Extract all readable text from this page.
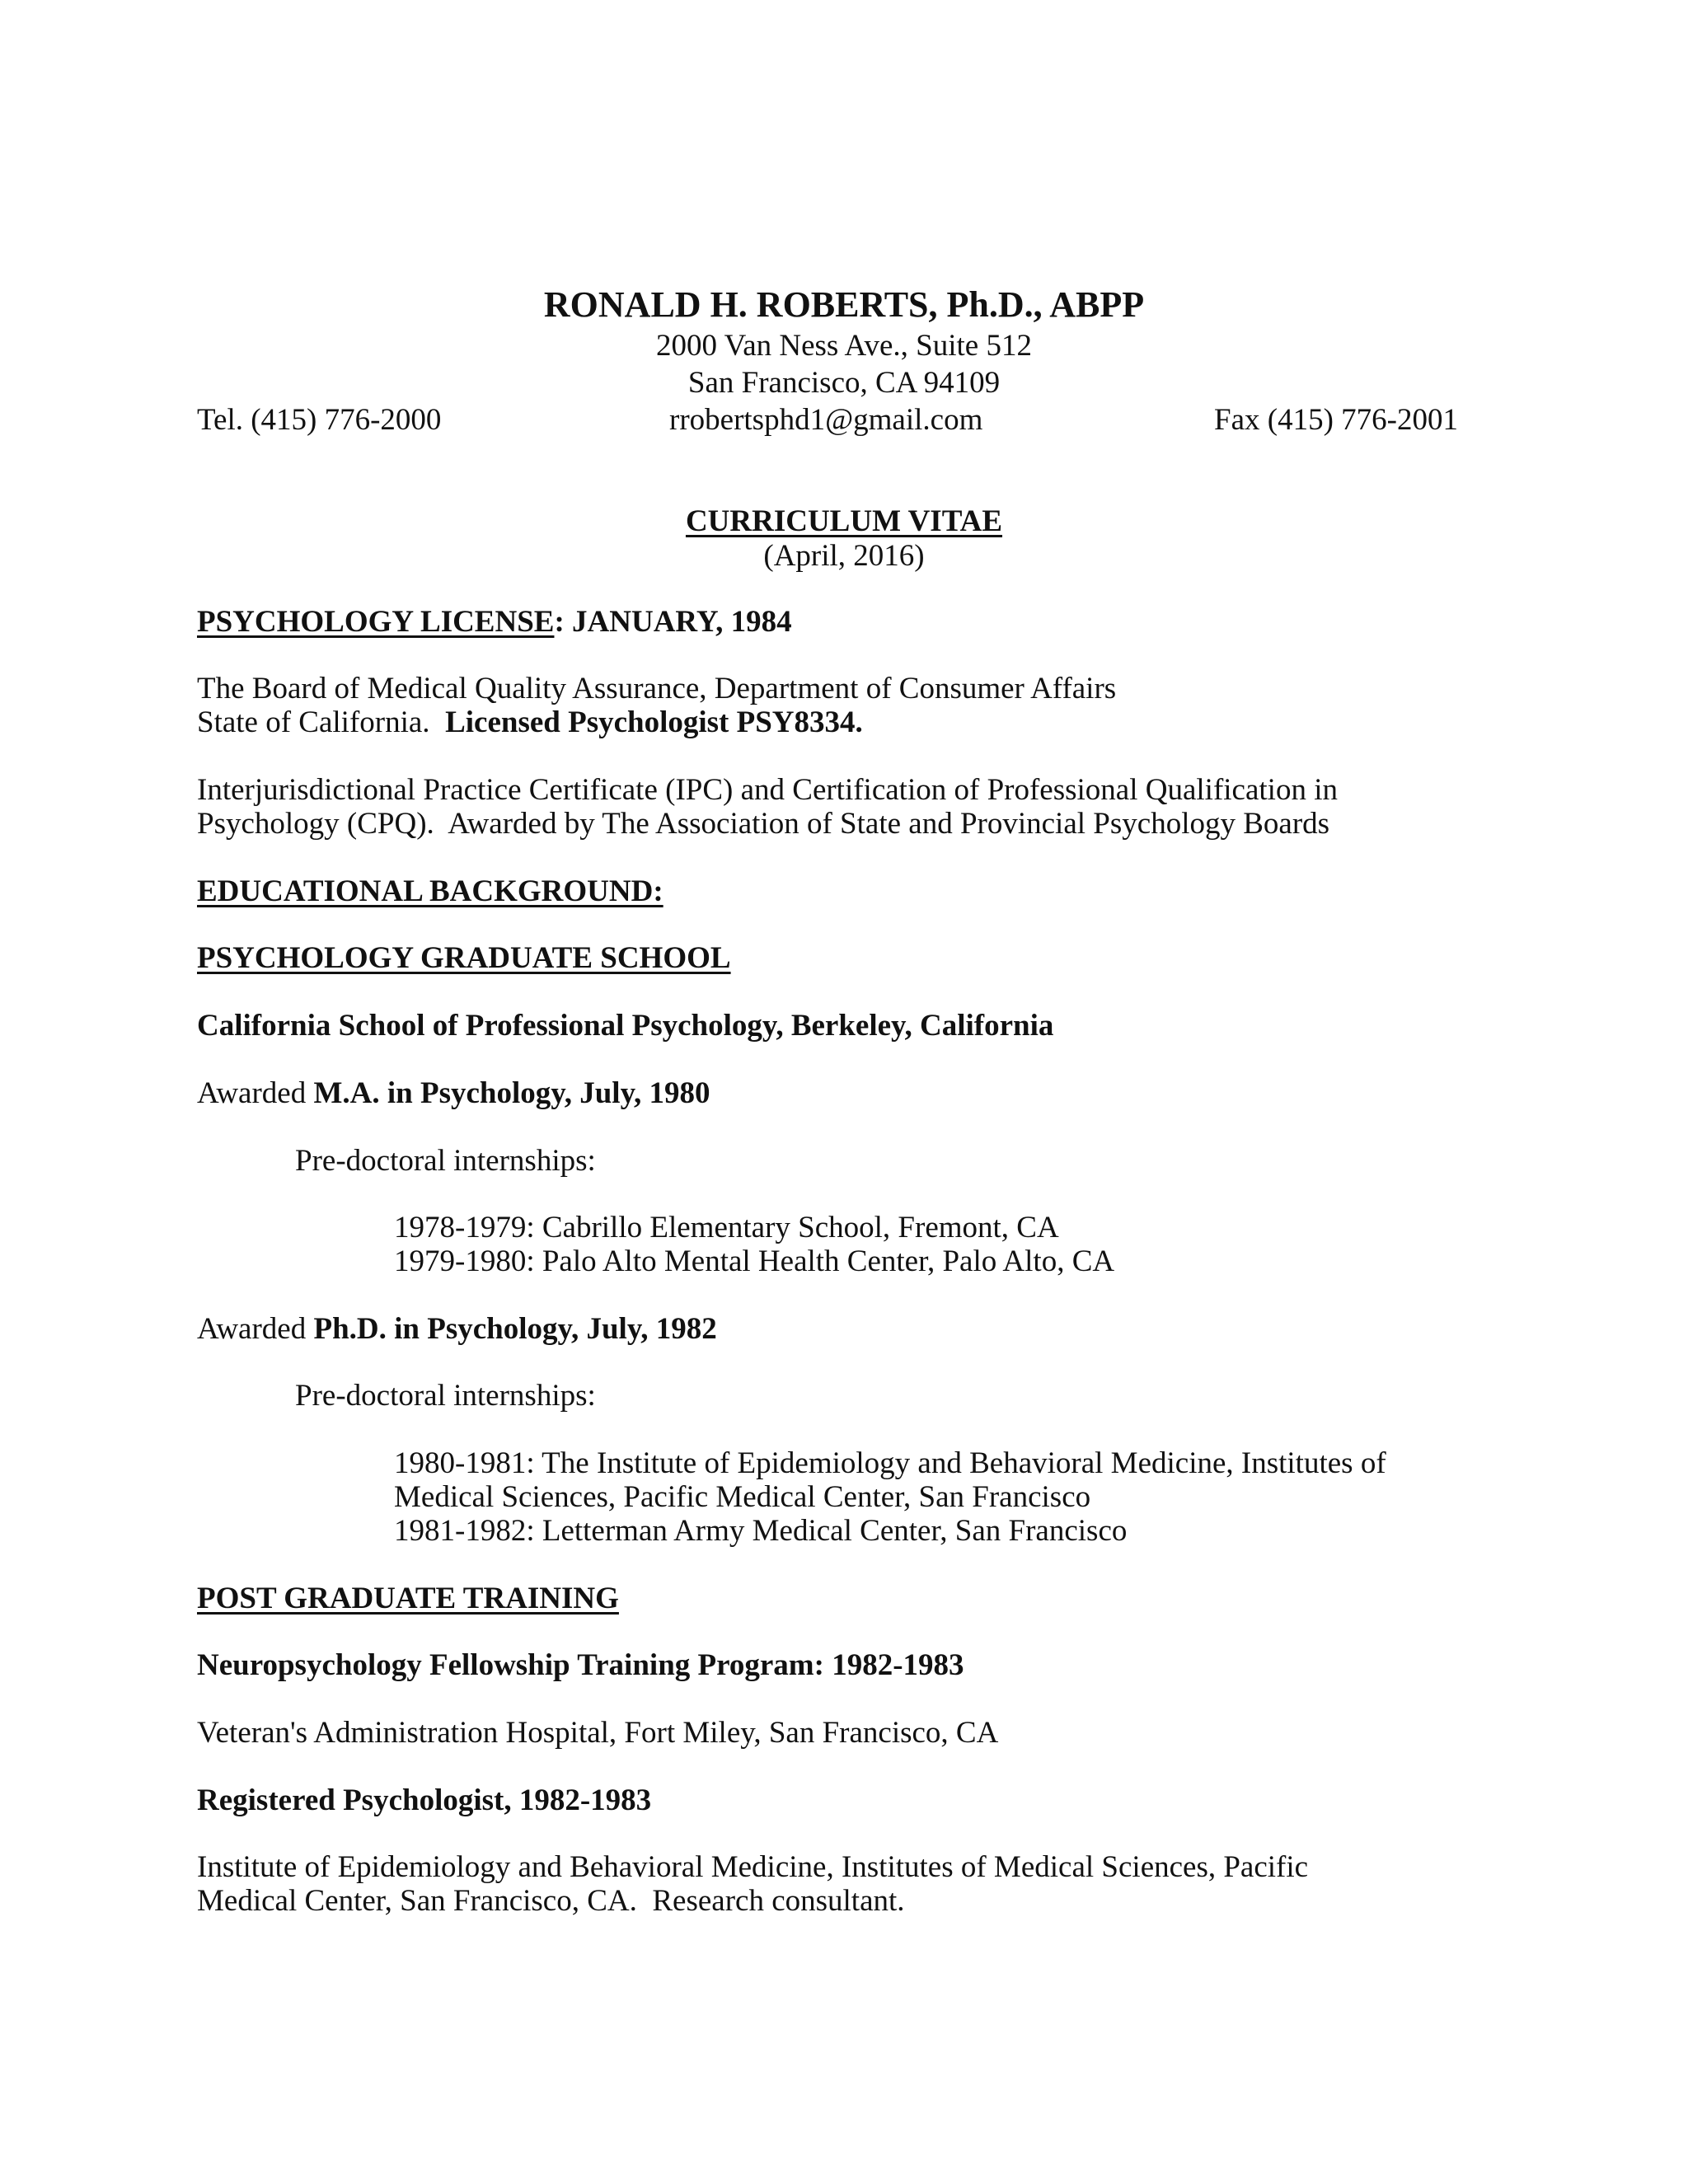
RONALD H. ROBERTS, Ph.D., ABPP
2000 Van Ness Ave., Suite 512
San Francisco, CA 94109
Tel. (415) 776-2000	rrobertsphd1@gmail.com	Fax (415) 776-2001
CURRICULUM VITAE
(April, 2016)
PSYCHOLOGY LICENSE: JANUARY, 1984
The Board of Medical Quality Assurance, Department of Consumer Affairs
State of California.  Licensed Psychologist PSY8334.
Interjurisdictional Practice Certificate (IPC) and Certification of Professional Qualification in
Psychology (CPQ).  Awarded by The Association of State and Provincial Psychology Boards
EDUCATIONAL BACKGROUND:
PSYCHOLOGY GRADUATE SCHOOL
California School of Professional Psychology, Berkeley, California
Awarded M.A. in Psychology, July, 1980
Pre-doctoral internships:
1978-1979: Cabrillo Elementary School, Fremont, CA
1979-1980: Palo Alto Mental Health Center, Palo Alto, CA
Awarded Ph.D. in Psychology, July, 1982
Pre-doctoral internships:
1980-1981: The Institute of Epidemiology and Behavioral Medicine, Institutes of
Medical Sciences, Pacific Medical Center, San Francisco
1981-1982: Letterman Army Medical Center, San Francisco
POST GRADUATE TRAINING
Neuropsychology Fellowship Training Program: 1982-1983
Veteran's Administration Hospital, Fort Miley, San Francisco, CA
Registered Psychologist, 1982-1983
Institute of Epidemiology and Behavioral Medicine, Institutes of Medical Sciences, Pacific
Medical Center, San Francisco, CA.  Research consultant.
